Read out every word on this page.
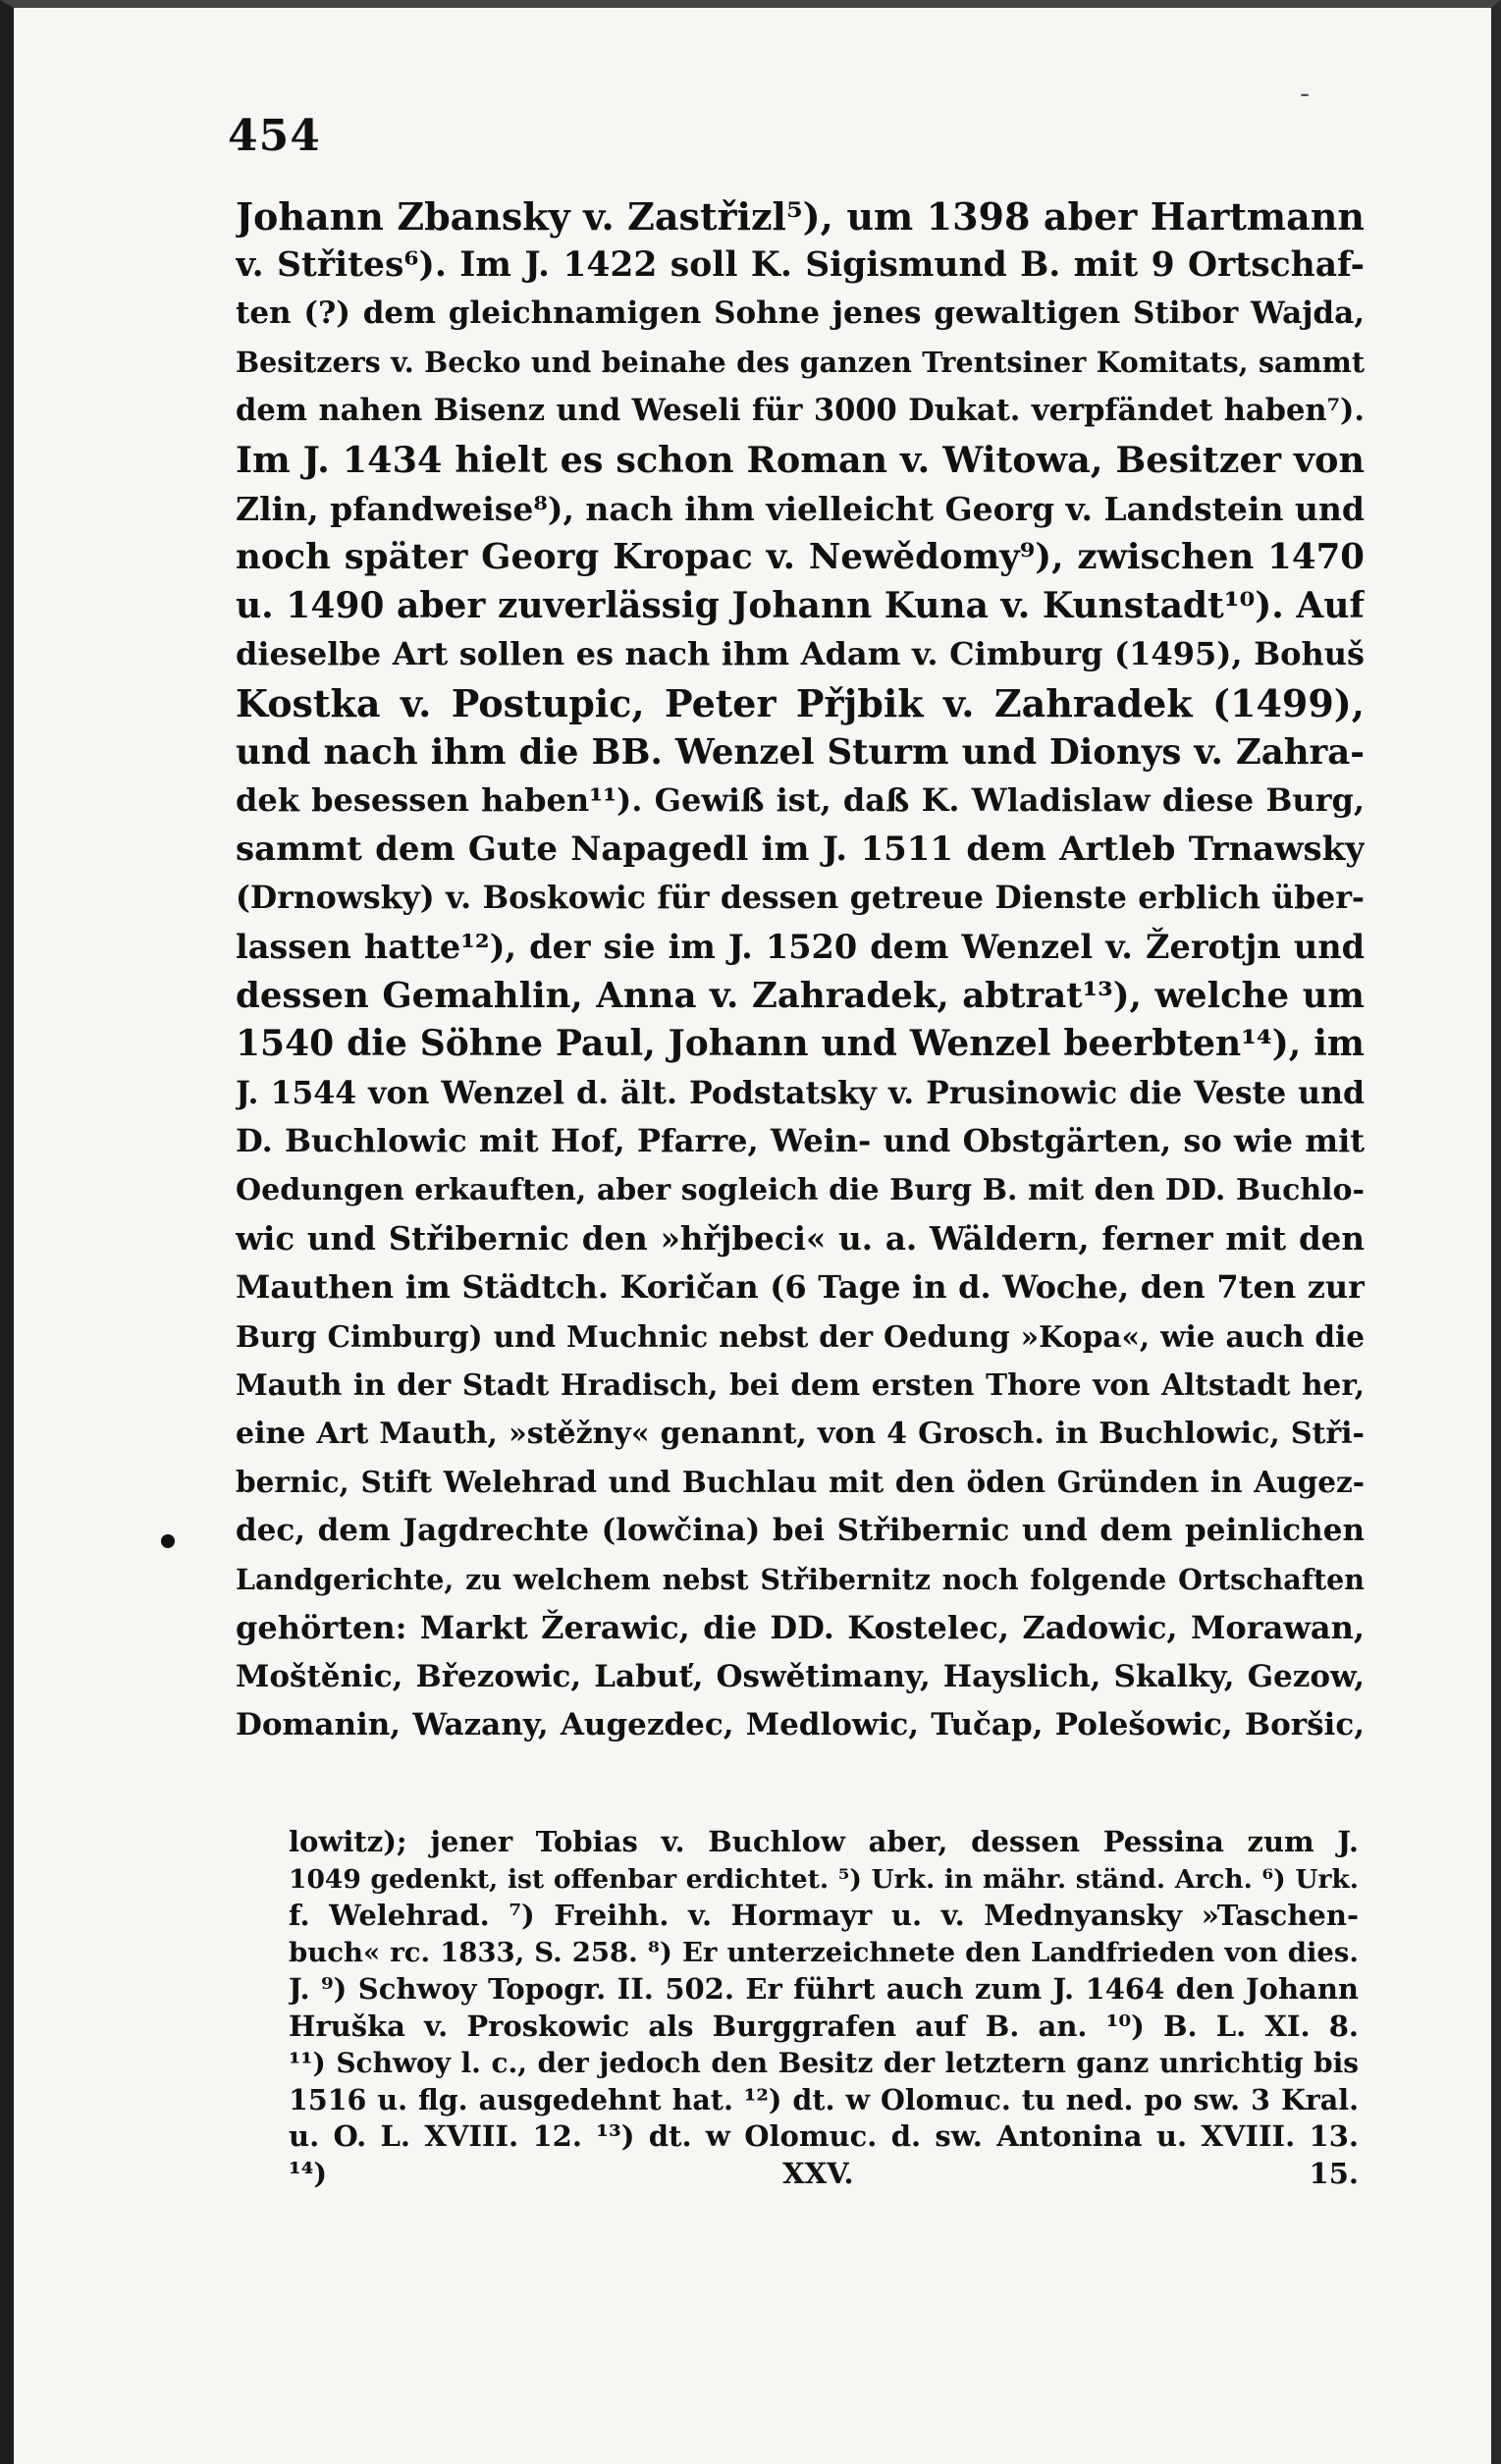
454
-
Johann Zbansky v. Zastřizl⁵), um 1398 aber Hartmann
v. Střites⁶). Im J. 1422 soll K. Sigismund B. mit 9 Ortschaf-
ten (?) dem gleichnamigen Sohne jenes gewaltigen Stibor Wajda,
Besitzers v. Becko und beinahe des ganzen Trentsiner Komitats, sammt
dem nahen Bisenz und Weseli für 3000 Dukat. verpfändet haben⁷).
Im J. 1434 hielt es schon Roman v. Witowa, Besitzer von
Zlin, pfandweise⁸), nach ihm vielleicht Georg v. Landstein und
noch später Georg Kropac v. Newědomy⁹), zwischen 1470
u. 1490 aber zuverlässig Johann Kuna v. Kunstadt¹⁰). Auf
dieselbe Art sollen es nach ihm Adam v. Cimburg (1495), Bohuš
Kostka v. Postupic, Peter Přjbik v. Zahradek (1499),
und nach ihm die BB. Wenzel Sturm und Dionys v. Zahra-
dek besessen haben¹¹). Gewiß ist, daß K. Wladislaw diese Burg,
sammt dem Gute Napagedl im J. 1511 dem Artleb Trnawsky
(Drnowsky) v. Boskowic für dessen getreue Dienste erblich über-
lassen hatte¹²), der sie im J. 1520 dem Wenzel v. Žerotjn und
dessen Gemahlin, Anna v. Zahradek, abtrat¹³), welche um
1540 die Söhne Paul, Johann und Wenzel beerbten¹⁴), im
J. 1544 von Wenzel d. ält. Podstatsky v. Prusinowic die Veste und
D. Buchlowic mit Hof, Pfarre, Wein- und Obstgärten, so wie mit
Oedungen erkauften, aber sogleich die Burg B. mit den DD. Buchlo-
wic und Střibernic den »hřjbeci« u. a. Wäldern, ferner mit den
Mauthen im Städtch. Koričan (6 Tage in d. Woche, den 7ten zur
Burg Cimburg) und Muchnic nebst der Oedung »Kopa«, wie auch die
Mauth in der Stadt Hradisch, bei dem ersten Thore von Altstadt her,
eine Art Mauth, »stěžny« genannt, von 4 Grosch. in Buchlowic, Stři-
bernic, Stift Welehrad und Buchlau mit den öden Gründen in Augez-
dec, dem Jagdrechte (lowčina) bei Střibernic und dem peinlichen
Landgerichte, zu welchem nebst Střibernitz noch folgende Ortschaften
gehörten: Markt Žerawic, die DD. Kostelec, Zadowic, Morawan,
Moštěnic, Březowic, Labuť, Oswětimany, Hayslich, Skalky, Gezow,
Domanin, Wazany, Augezdec, Medlowic, Tučap, Polešowic, Boršic,
lowitz); jener Tobias v. Buchlow aber, dessen Pessina zum J.
1049 gedenkt, ist offenbar erdichtet. ⁵) Urk. in mähr. ständ. Arch. ⁶) Urk.
f. Welehrad. ⁷) Freihh. v. Hormayr u. v. Mednyansky »Taschen-
buch« rc. 1833, S. 258. ⁸) Er unterzeichnete den Landfrieden von dies.
J. ⁹) Schwoy Topogr. II. 502. Er führt auch zum J. 1464 den Johann
Hruška v. Proskowic als Burggrafen auf B. an. ¹⁰) B. L. XI. 8.
¹¹) Schwoy l. c., der jedoch den Besitz der letztern ganz unrichtig bis
1516 u. flg. ausgedehnt hat. ¹²) dt. w Olomuc. tu ned. po sw. 3 Kral.
u. O. L. XVIII. 12. ¹³) dt. w Olomuc. d. sw. Antonina u. XVIII. 13.
¹⁴) XXV. 15.
